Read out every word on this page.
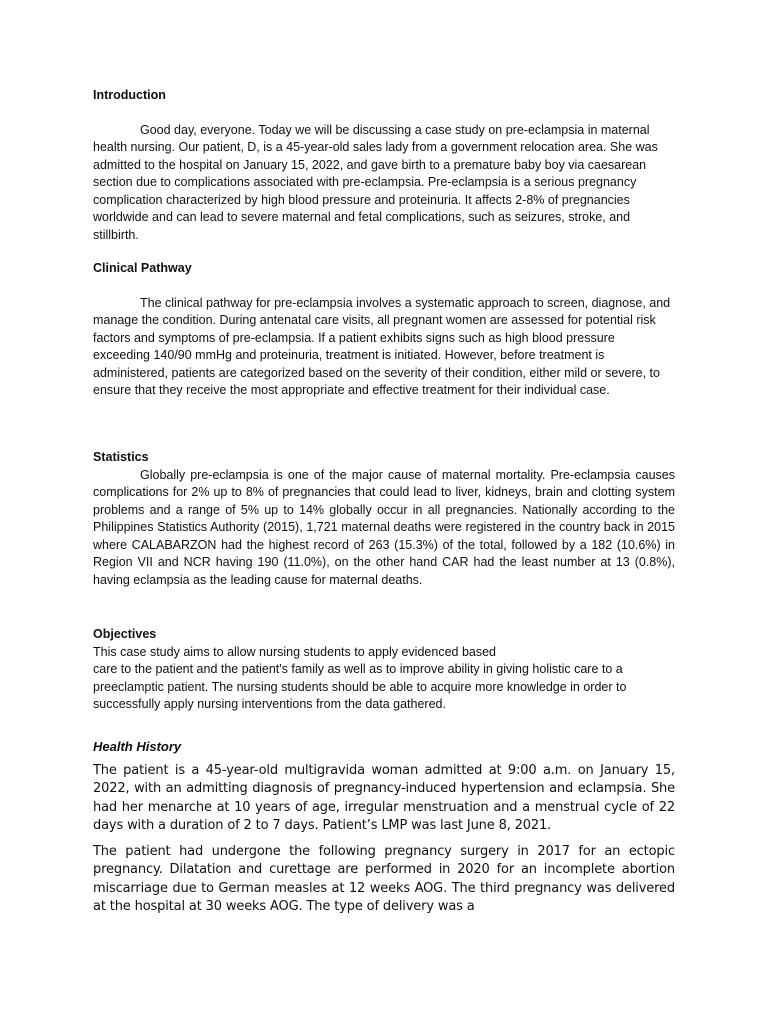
Introduction

Good day, everyone. Today we will be discussing a case study on pre-eclampsia in maternal health nursing. Our patient, D, is a 45-year-old sales lady from a government relocation area. She was admitted to the hospital on January 15, 2022, and gave birth to a premature baby boy via caesarean section due to complications associated with pre-eclampsia. Pre-eclampsia is a serious pregnancy complication characterized by high blood pressure and proteinuria. It affects 2-8% of pregnancies worldwide and can lead to severe maternal and fetal complications, such as seizures, stroke, and stillbirth.

Clinical Pathway

The clinical pathway for pre-eclampsia involves a systematic approach to screen, diagnose, and manage the condition. During antenatal care visits, all pregnant women are assessed for potential risk factors and symptoms of pre-eclampsia. If a patient exhibits signs such as high blood pressure exceeding 140/90 mmHg and proteinuria, treatment is initiated. However, before treatment is administered, patients are categorized based on the severity of their condition, either mild or severe, to ensure that they receive the most appropriate and effective treatment for their individual case.

Statistics

Globally pre-eclampsia is one of the major cause of maternal mortality. Pre-eclampsia causes complications for 2% up to 8% of pregnancies that could lead to liver, kidneys, brain and clotting system problems and a range of 5% up to 14% globally occur in all pregnancies. Nationally according to the Philippines Statistics Authority (2015), 1,721 maternal deaths were registered in the country back in 2015 where CALABARZON had the highest record of 263 (15.3%) of the total, followed by a 182 (10.6%) in Region VII and NCR having 190 (11.0%), on the other hand CAR had the least number at 13 (0.8%), having eclampsia as the leading cause for maternal deaths.

Objectives

This case study aims to allow nursing students to apply evidenced based

care to the patient and the patient's family as well as to improve ability in giving holistic care to a preeclamptic patient. The nursing students should be able to acquire more knowledge in order to successfully apply nursing interventions from the data gathered.

Health History

The patient is a 45-year-old multigravida woman admitted at 9:00 a.m. on January 15, 2022, with an admitting diagnosis of pregnancy-induced hypertension and eclampsia. She had her menarche at 10 years of age, irregular menstruation and a menstrual cycle of 22 days with a duration of 2 to 7 days. Patient’s LMP was last June 8, 2021.

The patient had undergone the following pregnancy surgery in 2017 for an ectopic pregnancy. Dilatation and curettage are performed in 2020 for an incomplete abortion miscarriage due to German measles at 12 weeks AOG. The third pregnancy was delivered at the hospital at 30 weeks AOG. The type of delivery was a
